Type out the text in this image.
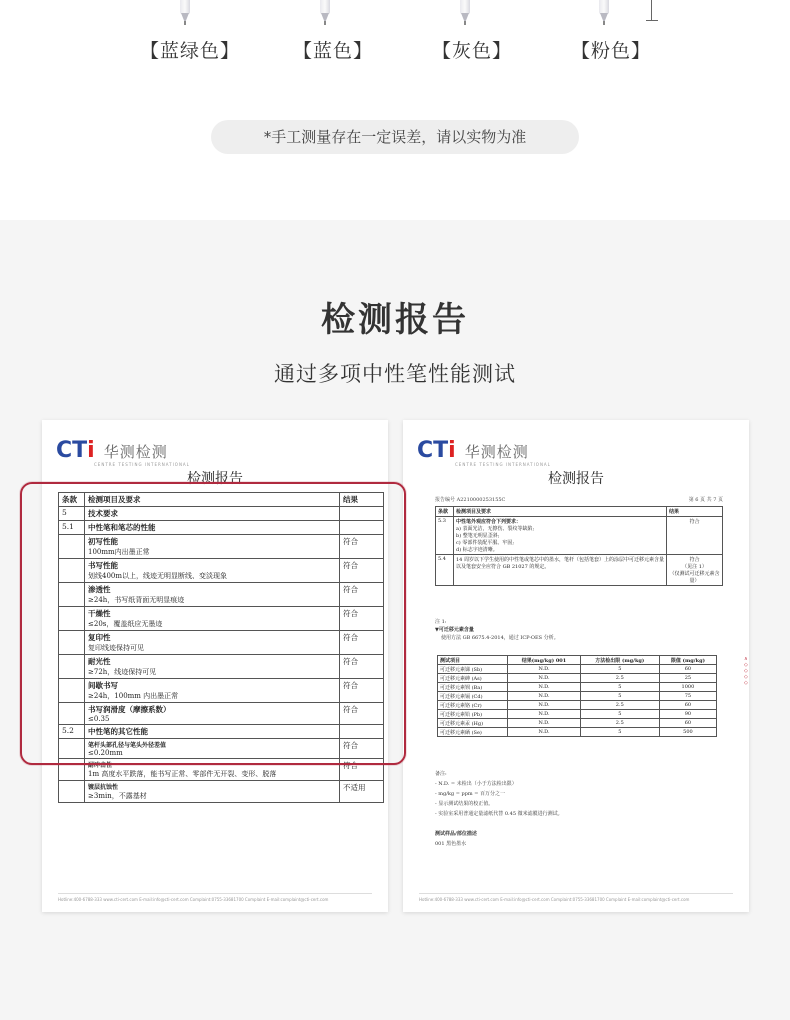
【蓝绿色】	【蓝色】	【灰色】	【粉色】
*手工测量存在一定误差，请以实物为准
检测报告
通过多项中性笔性能测试
CTi 华测检测
CENTRE TESTING INTERNATIONAL
检测报告
条款	检测项目及要求	结果
5	技术要求	

5.1	中性笔和笔芯的性能	

	初写性能
100mm内出墨正常	符合

	书写性能
划线400m以上，线迹无明显断线、变淡现象	符合

	渗透性
≥24h，书写纸背面无明显痕迹	符合

	干燥性
≤20s，覆盖纸应无墨迹	符合

	复印性
复印线迹保持可见	符合

	耐光性
≥72h，线迹保持可见	符合

	间歇书写
≥24h，100mm 内出墨正常	符合

	书写润滑度（摩擦系数）
≤0.35	符合
5.2	中性笔的其它性能	

	笔杆头部孔径与笔头外径差值
≤0.20mm	符合

	耐冲击性
1m 高度水平跌落，能书写正常、零部件无开裂、变形、脱落	符合

	镀层抗蚀性
≥3min，不露基材	不适用
Hotline:400-6788-333 www.cti-cert.com E-mail:info@cti-cert.com Complaint:0755-33681700 Complaint E-mail:complaint@cti-cert.com
CTi 华测检测
CENTRE TESTING INTERNATIONAL
检测报告
报告编号 A2210000253155C	第 6 页 共 7 页
条款	检测项目及要求	结果
5.3	中性笔外观应符合下列要求：
a) 表面光洁，无擦伤、裂纹等缺陷;
b) 整笔无明显歪斜;
c) 零部件装配平服、牢固;
d) 标志字迹清晰。	符合
5.4	14 周岁以下学生使用的中性笔或笔芯中的墨水，笔杆（包括笔套）上的涂层中可迁移元素含量以及笔套安全应符合 GB 21027 的规定。	符合
（见注 1）
（仅测试可迁移元素含量）
注 1:
▼可迁移元素含量
使用方法 GB 6675.4-2014，通过 ICP-OES 分析。
测试项目	结果(mg/kg) 001	方法检出限 (mg/kg)	限值 (mg/kg)
可迁移元素锑 (Sb)	N.D.	5	60
可迁移元素砷 (As)	N.D.	2.5	25
可迁移元素钡 (Ba)	N.D.	5	1000
可迁移元素镉 (Cd)	N.D.	5	75
可迁移元素铬 (Cr)	N.D.	2.5	60
可迁移元素铅 (Pb)	N.D.	5	90
可迁移元素汞 (Hg)	N.D.	2.5	60
可迁移元素硒 (Se)	N.D.	5	500
备注:
- N.D. = 未检出（小于方法检出限）
- mg/kg = ppm = 百万分之一
- 显示测试结果的校正值。
- 实验室采用普通定量滤纸代替 0.45 微米滤膜进行测试。
测试样品/部位描述
001 黑色墨水
Hotline:400-6788-333 www.cti-cert.com E-mail:info@cti-cert.com Complaint:0755-33681700 Complaint E-mail:complaint@cti-cert.com
∧ ◇ ◇ ◇ ◇
